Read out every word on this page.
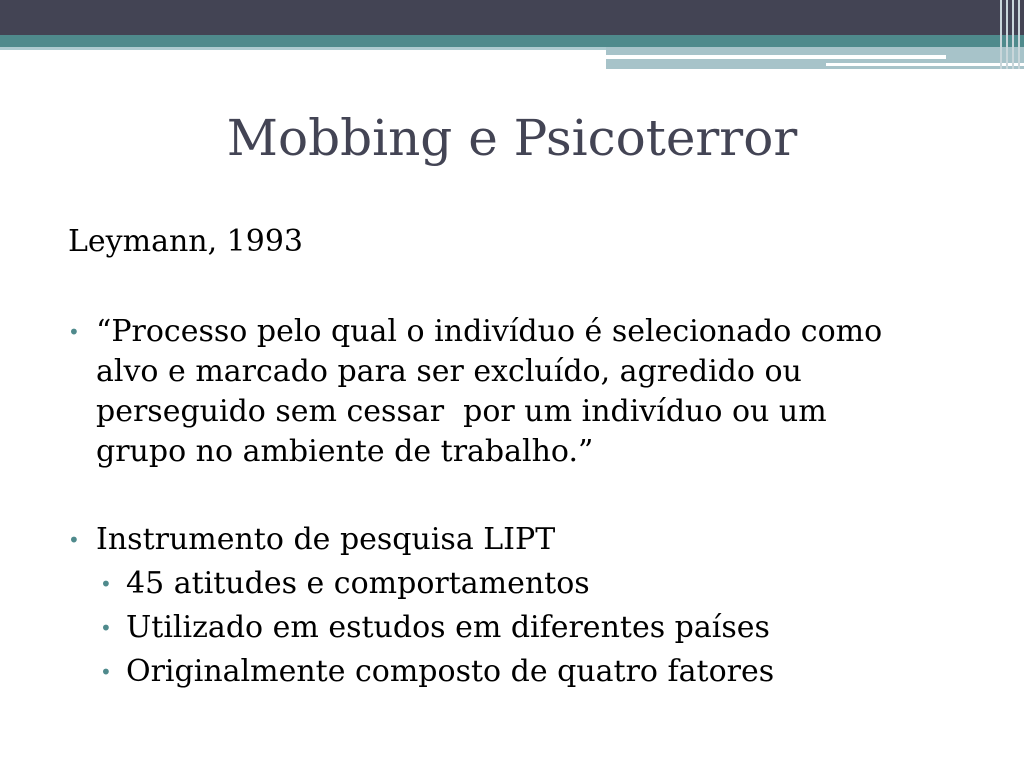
Mobbing e Psicoterror

Leymann, 1993

• “Processo pelo qual o indivíduo é selecionado como
alvo e marcado para ser excluído, agredido ou
perseguido sem cessar  por um indivíduo ou um
grupo no ambiente de trabalho.”
• Instrumento de pesquisa LIPT
• 45 atitudes e comportamentos
• Utilizado em estudos em diferentes países
• Originalmente composto de quatro fatores
